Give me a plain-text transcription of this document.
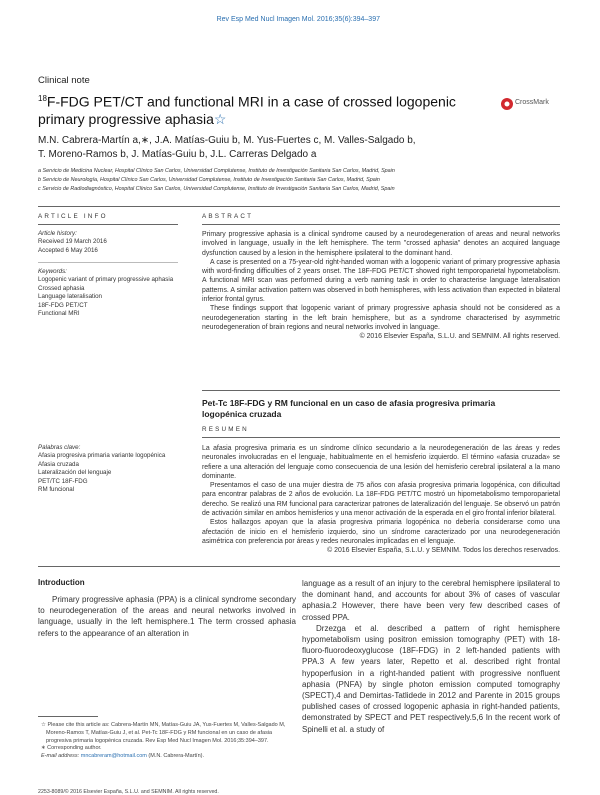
Rev Esp Med Nucl Imagen Mol. 2016;35(6):394–397
Clinical note
$^{18}$F-FDG PET/CT and functional MRI in a case of crossed logopenic primary progressive aphasia☆
CrossMark
M.N. Cabrera-Martín a,∗, J.A. Matías-Guiu b, M. Yus-Fuertes c, M. Valles-Salgado b,
T. Moreno-Ramos b, J. Matías-Guiu b, J.L. Carreras Delgado a
a Servicio de Medicina Nuclear, Hospital Clínico San Carlos, Universidad Complutense, Instituto de Investigación Sanitaria San Carlos, Madrid, Spain
b Servicio de Neurología, Hospital Clínico San Carlos, Universidad Complutense, Instituto de Investigación Sanitaria San Carlos, Madrid, Spain
c Servicio de Radiodiagnóstico, Hospital Clínico San Carlos, Universidad Complutense, Instituto de Investigación Sanitaria San Carlos, Madrid, Spain
ARTICLE INFO	ABSTRACT
Article history:
Received 19 March 2016
Accepted 6 May 2016
Keywords:
Logopenic variant of primary progressive aphasia
Crossed aphasia
Language lateralisation
18F-FDG PET/CT
Functional MRI

Primary progressive aphasia is a clinical syndrome caused by a neurodegeneration of areas and neural networks involved in language, usually in the left hemisphere. The term "crossed aphasia" denotes an acquired language dysfunction caused by a lesion in the hemisphere ipsilateral to the dominant hand.

A case is presented on a 75-year-old right-handed woman with a logopenic variant of primary progressive aphasia with word-finding difficulties of 2 years onset. The 18F-FDG PET/CT showed right temporoparietal hypometabolism. A functional MRI scan was performed during a verb naming task in order to characterise language lateralisation patterns. A similar activation pattern was observed in both hemispheres, with less activation than expected in bilateral inferior frontal gyrus.

These findings support that logopenic variant of primary progressive aphasia should not be considered as a neurodegeneration starting in the left brain hemisphere, but as a syndrome characterised by asymmetric neurodegeneration of brain regions and neural networks involved in language.

© 2016 Elsevier España, S.L.U. and SEMNIM. All rights reserved.

Pet-Tc 18F-FDG y RM funcional en un caso de afasia progresiva primaria logopénica cruzada
RESUMEN
Palabras clave:
Afasia progresiva primaria variante logopénica
Afasia cruzada
Lateralización del lenguaje
PET/TC 18F-FDG
RM funcional

La afasia progresiva primaria es un síndrome clínico secundario a la neurodegeneración de las áreas y redes neuronales involucradas en el lenguaje, habitualmente en el hemisferio izquierdo. El término «afasia cruzada» se refiere a una alteración del lenguaje como consecuencia de una lesión del hemisferio cerebral ipsilateral a la mano dominante.

Presentamos el caso de una mujer diestra de 75 años con afasia progresiva primaria logopénica, con dificultad para encontrar palabras de 2 años de evolución. La 18F-FDG PET/TC mostró un hipometabolismo temporoparietal derecho. Se realizó una RM funcional para caracterizar patrones de lateralización del lenguaje. Se observó un patrón de activación similar en ambos hemisferios y una menor activación de la esperada en el giro frontal inferior bilateral.

Estos hallazgos apoyan que la afasia progresiva primaria logopénica no debería considerarse como una afectación de inicio en el hemisferio izquierdo, sino un síndrome caracterizado por una neurodegeneración asimétrica con preferencia por áreas y redes neuronales implicadas en el lenguaje.

© 2016 Elsevier España, S.L.U. y SEMNIM. Todos los derechos reservados.

Introduction

Primary progressive aphasia (PPA) is a clinical syndrome secondary to neurodegeneration of the areas and neural networks involved in language, usually in the left hemisphere.1 The term crossed aphasia refers to the appearance of an alteration in

language as a result of an injury to the cerebral hemisphere ipsilateral to the dominant hand, and accounts for about 3% of cases of vascular aphasia.2 However, there have been very few described cases of crossed PPA.

Drzezga et al. described a pattern of right hemisphere hypometabolism using positron emission tomography (PET) with 18-fluoro-fluorodeoxyglucose (18F-FDG) in 2 left-handed patients with PPA.3 A few years later, Repetto et al. described right frontal hypoperfusion in a right-handed patient with progressive nonfluent aphasia (PNFA) by single photon emission computed tomography (SPECT),4 and Demirtas-Tatlidede in 2012 and Parente in 2015 groups published cases of crossed logopenic aphasia in right-handed patients, demonstrated by SPECT and PET respectively.5,6 In the recent work of Spinelli et al. a study of

☆ Please cite this article as: Cabrera-Martín MN, Matías-Guiu JA, Yus-Fuertes M, Valles-Salgado M, Moreno-Ramos T, Matías-Guiu J, et al. Pet-Tc 18F-FDG y RM funcional en un caso de afasia progresiva primaria logopénica cruzada. Rev Esp Med Nucl Imagen Mol. 2016;35:394–397.

∗ Corresponding author.

E-mail address: mncabreram@hotmail.com (M.N. Cabrera-Martín).

2253-8089/© 2016 Elsevier España, S.L.U. and SEMNIM. All rights reserved.
